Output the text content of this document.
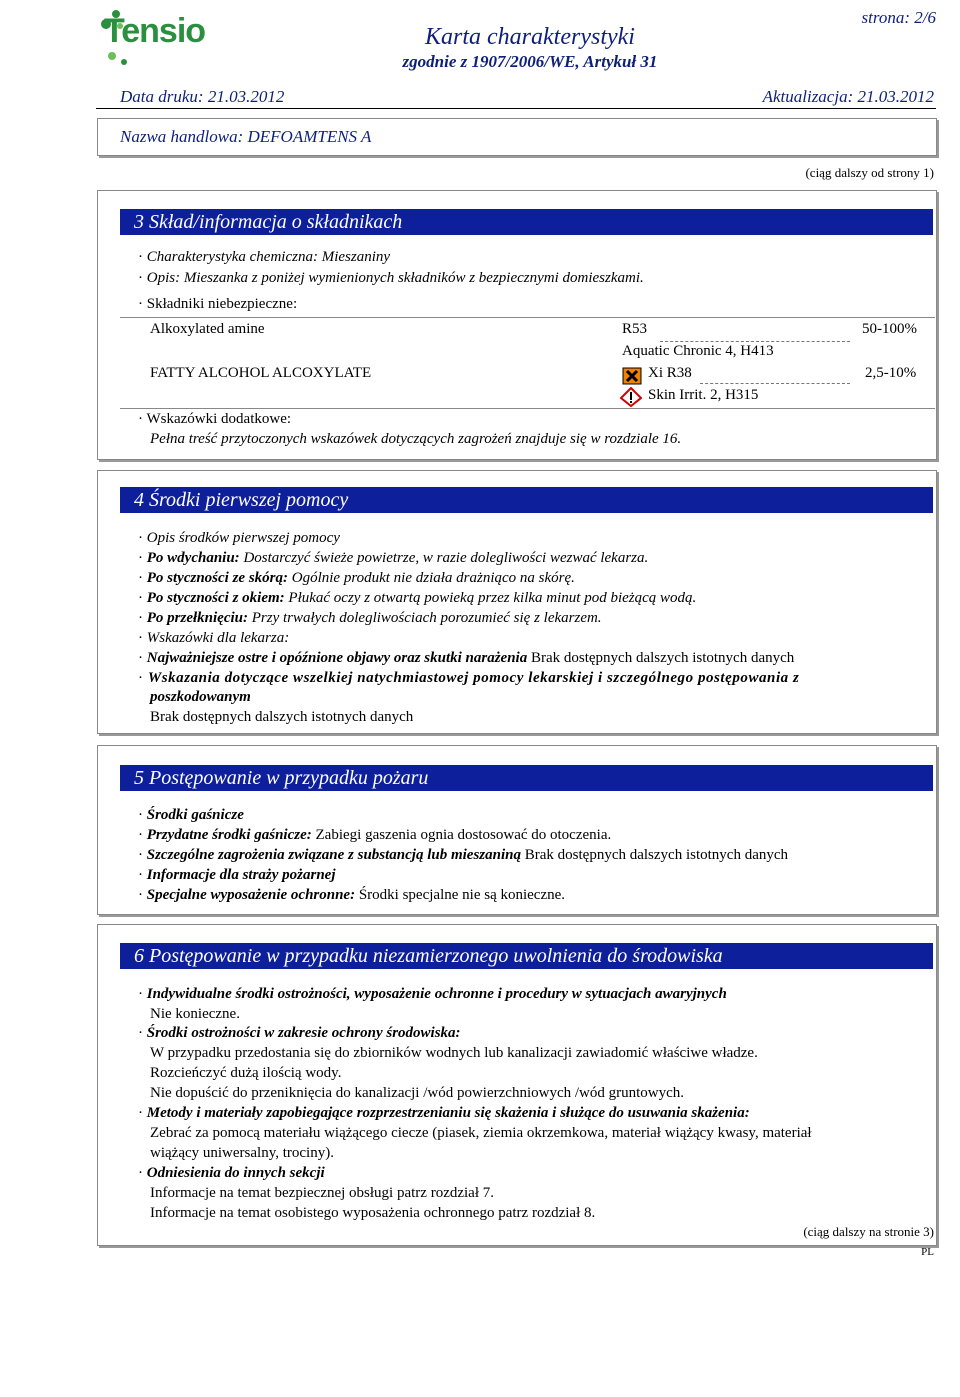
Tensio	Karta charakterystyki
zgodnie z 1907/2006/WE, Artykuł 31
strona: 2/6
Data druku: 21.03.2012	Aktualizacja: 21.03.2012
Nazwa handlowa: DEFOAMTENS A
(ciąg dalszy od strony 1)
3 Skład/informacja o składnikach
· Charakterystyka chemiczna: Mieszaniny
· Opis: Mieszanka z poniżej wymienionych składników z bezpiecznymi domieszkami.
· Składniki niebezpieczne:
Alkoxylated amine	R53	50-100%
Aquatic Chronic 4, H413
FATTY ALCOHOL ALCOXYLATE	Xi R38	2,5-10%
Skin Irrit. 2, H315
· Wskazówki dodatkowe:
Pełna treść przytoczonych wskazówek dotyczących zagrożeń znajduje się w rozdziale 16.
4 Środki pierwszej pomocy
· Opis środków pierwszej pomocy
· Po wdychaniu: Dostarczyć świeże powietrze, w razie dolegliwości wezwać lekarza.
· Po styczności ze skórą: Ogólnie produkt nie działa drażniąco na skórę.
· Po styczności z okiem: Płukać oczy z otwartą powieką przez kilka minut pod bieżącą wodą.
· Po przełknięciu: Przy trwałych dolegliwościach porozumieć się z lekarzem.
· Wskazówki dla lekarza:
· Najważniejsze ostre i opóźnione objawy oraz skutki narażenia Brak dostępnych dalszych istotnych danych
· Wskazania dotyczące wszelkiej natychmiastowej pomocy lekarskiej i szczególnego postępowania z
poszkodowanym
Brak dostępnych dalszych istotnych danych
5 Postępowanie w przypadku pożaru
· Środki gaśnicze
· Przydatne środki gaśnicze: Zabiegi gaszenia ognia dostosować do otoczenia.
· Szczególne zagrożenia związane z substancją lub mieszaniną Brak dostępnych dalszych istotnych danych
· Informacje dla straży pożarnej
· Specjalne wyposażenie ochronne: Środki specjalne nie są konieczne.
6 Postępowanie w przypadku niezamierzonego uwolnienia do środowiska
· Indywidualne środki ostrożności, wyposażenie ochronne i procedury w sytuacjach awaryjnych
Nie konieczne.
· Środki ostrożności w zakresie ochrony środowiska:
W przypadku przedostania się do zbiorników wodnych lub kanalizacji zawiadomić właściwe władze.
Rozcieńczyć dużą ilością wody.
Nie dopuścić do przeniknięcia do kanalizacji /wód powierzchniowych /wód gruntowych.
· Metody i materiały zapobiegające rozprzestrzenianiu się skażenia i służące do usuwania skażenia:
Zebrać za pomocą materiału wiążącego ciecze (piasek, ziemia okrzemkowa, materiał wiążący kwasy, materiał
wiążący uniwersalny, trociny).
· Odniesienia do innych sekcji
Informacje na temat bezpiecznej obsługi patrz rozdział 7.
Informacje na temat osobistego wyposażenia ochronnego patrz rozdział 8.
(ciąg dalszy na stronie 3)
PL
